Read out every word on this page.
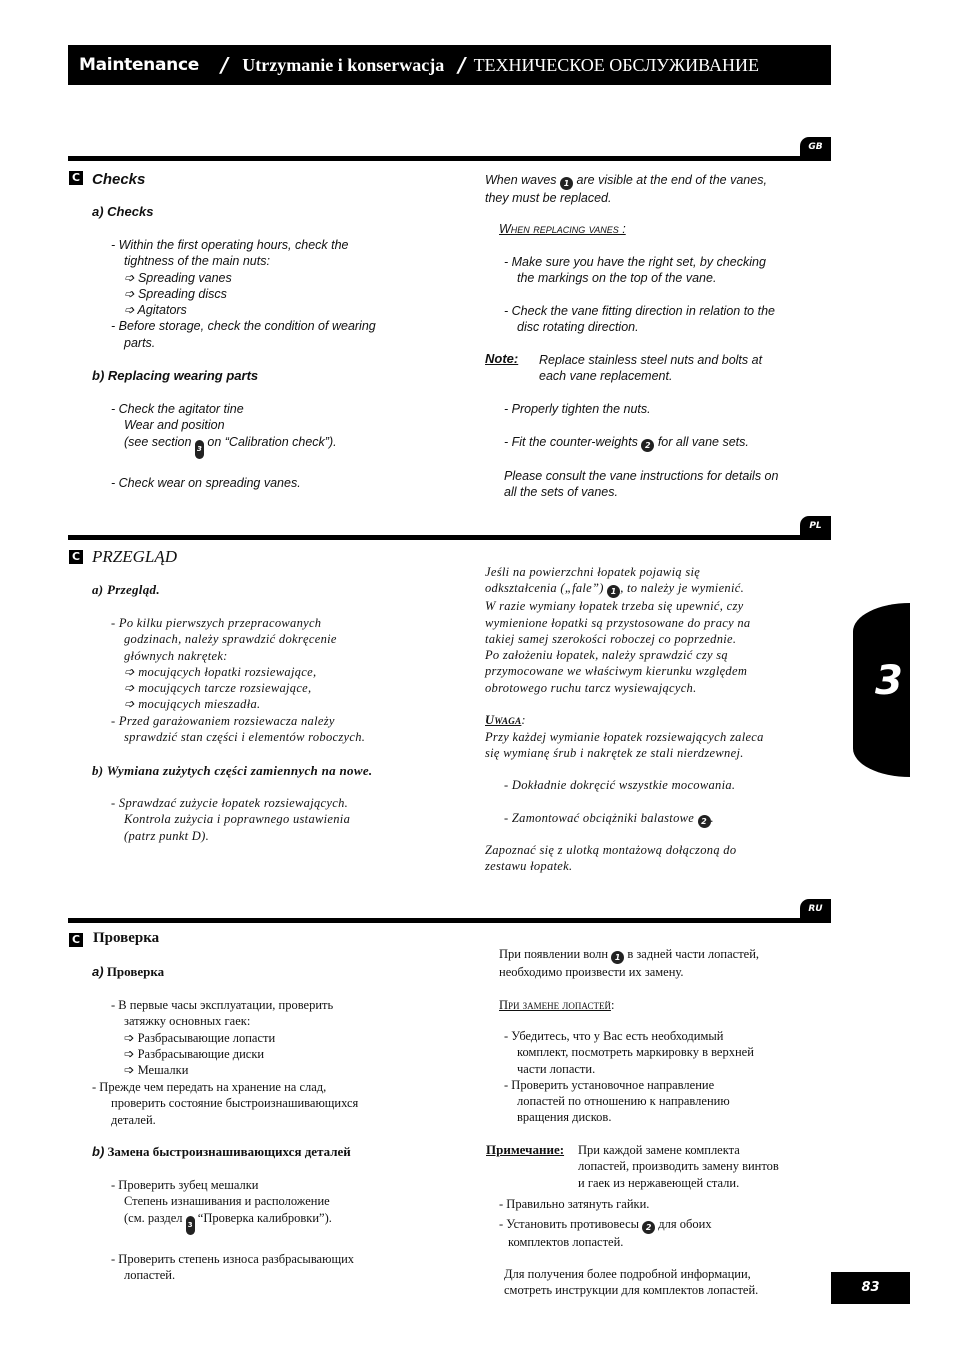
Maintenance / Utrzymanie i konserwacja / ТЕХНИЧЕСКОЕ ОБСЛУЖИВАНИЕ
GB
C Checks
a) Checks
- Within the first operating hours, check the
tightness of the main nuts:
➩ Spreading vanes
➩ Spreading discs
➩ Agitators
- Before storage, check the condition of wearing
parts.
b) Replacing wearing parts
- Check the agitator tine
Wear and position
(see section 3 on “Calibration check”).
- Check wear on spreading vanes.
When waves 1 are visible at the end of the vanes,
they must be replaced.
When replacing vanes :
- Make sure you have the right set, by checking
the markings on the top of the vane.
- Check the vane fitting direction in relation to the
disc rotating direction.
Note: Replace stainless steel nuts and bolts at
each vane replacement.
- Properly tighten the nuts.
- Fit the counter-weights 2 for all vane sets.
Please consult the vane instructions for details on
all the sets of vanes.
PL
C PRZEGLĄD
a) Przegląd.
- Po kilku pierwszych przepracowanych
godzinach, należy sprawdzić dokręcenie
głównych nakrętek:
➩ mocujących łopatki rozsiewające,
➩ mocujących tarcze rozsiewające,
➩ mocujących mieszadła.
- Przed garażowaniem rozsiewacza należy
sprawdzić stan części i elementów roboczych.
b) Wymiana zużytych części zamiennych na nowe.
- Sprawdzać zużycie łopatek rozsiewających.
Kontrola zużycia i poprawnego ustawienia
(patrz punkt D).
Jeśli na powierzchni łopatek pojawią się
odkształcenia („fale”) 1 , to należy je wymienić.
W razie wymiany łopatek trzeba się upewnić, czy
wymienione łopatki są przystosowane do pracy na
takiej samej szerokości roboczej co poprzednie.
Po założeniu łopatek, należy sprawdzić czy są
przymocowane we właściwym kierunku względem
obrotowego ruchu tarcz wysiewających.
Uwaga:
Przy każdej wymianie łopatek rozsiewających zaleca
się wymianę śrub i nakrętek ze stali nierdzewnej.
- Dokładnie dokręcić wszystkie mocowania.
- Zamontować obciążniki balastowe 2 .
Zapoznać się z ulotką montażową dołączoną do
zestawu łopatek.
3
RU
C Проверка
a) Проверка
- В первые часы эксплуатации, проверить
затяжку основных гаек:
➩ Разбрасывающие лопасти
➩ Разбрасывающие диски
➩ Мешалки
- Прежде чем передать на хранение на слад,
проверить состояние быстроизнашивающихся
деталей.
b) Замена быстроизнашивающихся деталей
- Проверить зубец мешалки
Степень изнашивания и расположение
(см. раздел 3 “Проверка калибровки”).
- Проверить степень износа разбрасывающих
лопастей.
При появлении волн 1 в задней части лопастей,
необходимо произвести их замену.
При замене лопастей:
- Убедитесь, что у Вас есть необходимый
комплект, посмотреть маркировку в верхней
части лопасти.
- Проверить установочное направление
лопастей по отношению к направлению
вращения дисков.
Примечание: При каждой замене комплекта
лопастей, производить замену винтов
и гаек из нержавеющей стали.
- Правильно затянуть гайки.
- Установить противовесы 2 для обоих
комплектов лопастей.
Для получения более подробной информации,
смотреть инструкции для комплектов лопастей.	83
